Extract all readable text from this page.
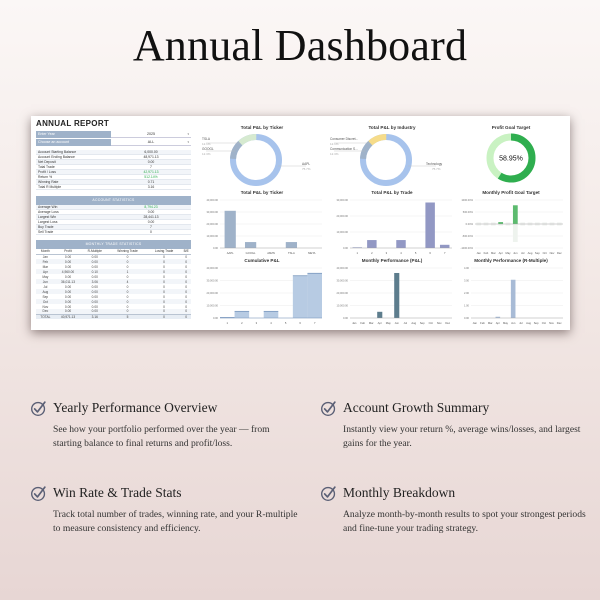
Annual Dashboard
ANNUAL REPORT
Enter Year	2025 ▾
Choose an account	ALL ▾
Account Starting Balance	6,000.00
Account Ending Balance	48,971.13
Net Deposit	0.00
Total Trade	7
Profit / Loss	42,971.13
Return %	512.14%
Winning Rate	0.71
Total R Multiple	3.16
ACCOUNT STATISTICS
Average Win	8,794.23
Average Loss	0.00
Largest Win	28,441.13
Largest Loss	0.00
Buy Trade	7
Sell Trade	0
MONTHLY TRADE STATISTICS
Month	Profit	R-Multiple	Winning Trade	Losing Trade	B/E
Jan	0.00	0.00	0	0	0
Feb	0.00	0.00	0	0	0
Mar	0.00	0.00	0	0	0
Apr	4,960.00	0.10	1	0	0
May	0.00	0.00	0	0	0
Jun	36,011.13	3.06	4	0	0
Jul	0.00	0.00	0	0	0
Aug	0.00	0.00	0	0	0
Sep	0.00	0.00	0	0	0
Oct	0.00	0.00	0	0	0
Nov	0.00	0.00	0	0	0
Dec	0.00	0.00	0	0	0
TOTAL	40,971.13	3.16	5	0	0
Total P&L by Ticker
TSLA
12.1%
GOOGL
12.3%
AAPL
75.7%
Total P&L by Industry
Consumer Discret...
12.1%
Communication S...
12.3%
Technology
75.7%
Profit Goal Target
58.95%
Total P&L by Ticker
40,000.00
30,000.00
20,000.00
10,000.00
0.00
AAPL	GOOGL	AMZN	TSLA	META
Total P&L by Trade
30,000.00
20,000.00
10,000.00
0.00
1	2	3	4	5	6	7
Monthly Profit Goal Target
1000.00%
500.00%
0.00%
-500.00%
-1000.00%
Jan Feb Mar Apr May Jun Jul Aug Sep Oct Nov Dec
Cumulative P&L
40,000.00
30,000.00
20,000.00
10,000.00
0.00
1	2	3	4	5	6	7
Monthly Performance (P&L)
40,000.00
30,000.00
20,000.00
10,000.00
0.00
Jan Feb Mar Apr May Jun Jul Aug Sep Oct Nov Dec
Monthly Performance (R-Multiple)
4.00
3.00
2.00
1.00
0.00
Jan Feb Mar Apr May Jun Jul Aug Sep Oct Nov Dec
Yearly Performance Overview
See how your portfolio performed over the year — from starting balance to final returns and profit/loss.
Account Growth Summary
Instantly view your return %, average wins/losses, and largest gains for the year.
Win Rate & Trade Stats
Track total number of trades, winning rate, and your R-multiple to measure consistency and efficiency.
Monthly Breakdown
Analyze month-by-month results to spot your strongest periods and fine-tune your trading strategy.
